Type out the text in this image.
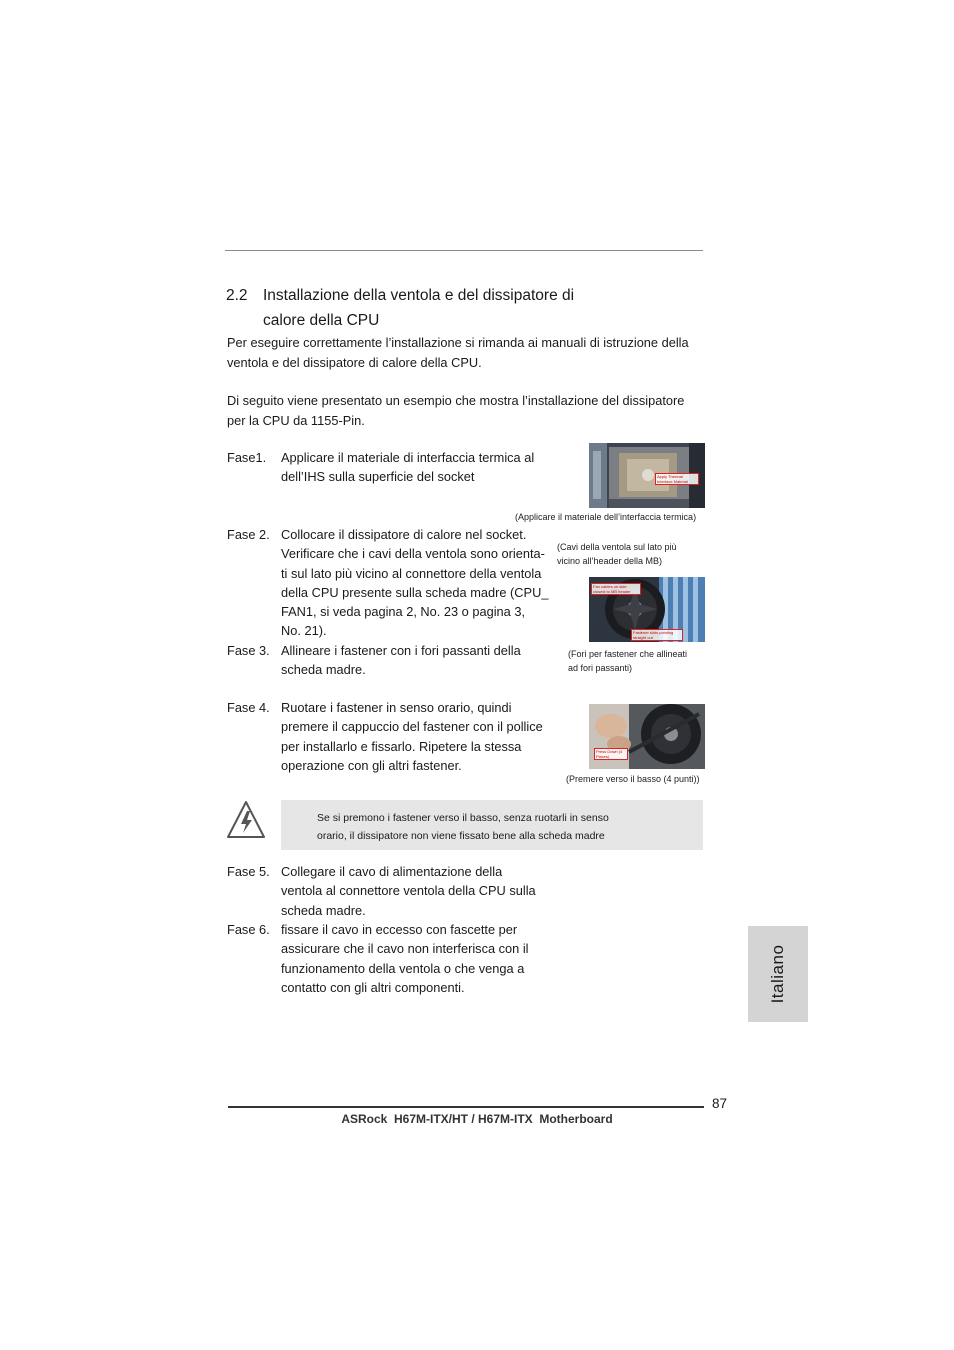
2.2 Installazione della ventola e del dissipatore di
calore della CPU
Per eseguire correttamente l’installazione si rimanda ai manuali di istruzione della
ventola e del dissipatore di calore della CPU.
Di seguito viene presentato un esempio che mostra l’installazione del dissipatore
per la CPU da 1155-Pin.
Fase1. Applicare il materiale di interfaccia termica al
dell’IHS sulla superficie del socket	Apply Thermal Interface Material
(Applicare il materiale dell’interfaccia termica)
Fase 2. Collocare il dissipatore di calore nel socket.
Verificare che i cavi della ventola sono orienta-
ti sul lato più vicino al connettore della ventola
della CPU presente sulla scheda madre (CPU_
FAN1, si veda pagina 2, No. 23 o pagina 3,
No. 21).
(Cavi della ventola sul lato più
vicino all’header della MB)
Fan cables on side closest to MB header
Fastener slots pointing straight out
Fase 3. Allineare i fastener con i fori passanti della
scheda madre.
(Fori per fastener che allineati
ad fori passanti)
Fase 4. Ruotare i fastener in senso orario, quindi
premere il cappuccio del fastener con il pollice
per installarlo e fissarlo. Ripetere la stessa
operazione con gli altri fastener.
Press Down (4 Places)
(Premere verso il basso (4 punti))
Se si premono i fastener verso il basso, senza ruotarli in senso
orario, il dissipatore non viene fissato bene alla scheda madre
Fase 5. Collegare il cavo di alimentazione della
ventola al connettore ventola della CPU sulla
scheda madre.
Fase 6. fissare il cavo in eccesso con fascette per
assicurare che il cavo non interferisca con il
funzionamento della ventola o che venga a
contatto con gli altri componenti.	Italiano
87
ASRock  H67M-ITX/HT / H67M-ITX  Motherboard
